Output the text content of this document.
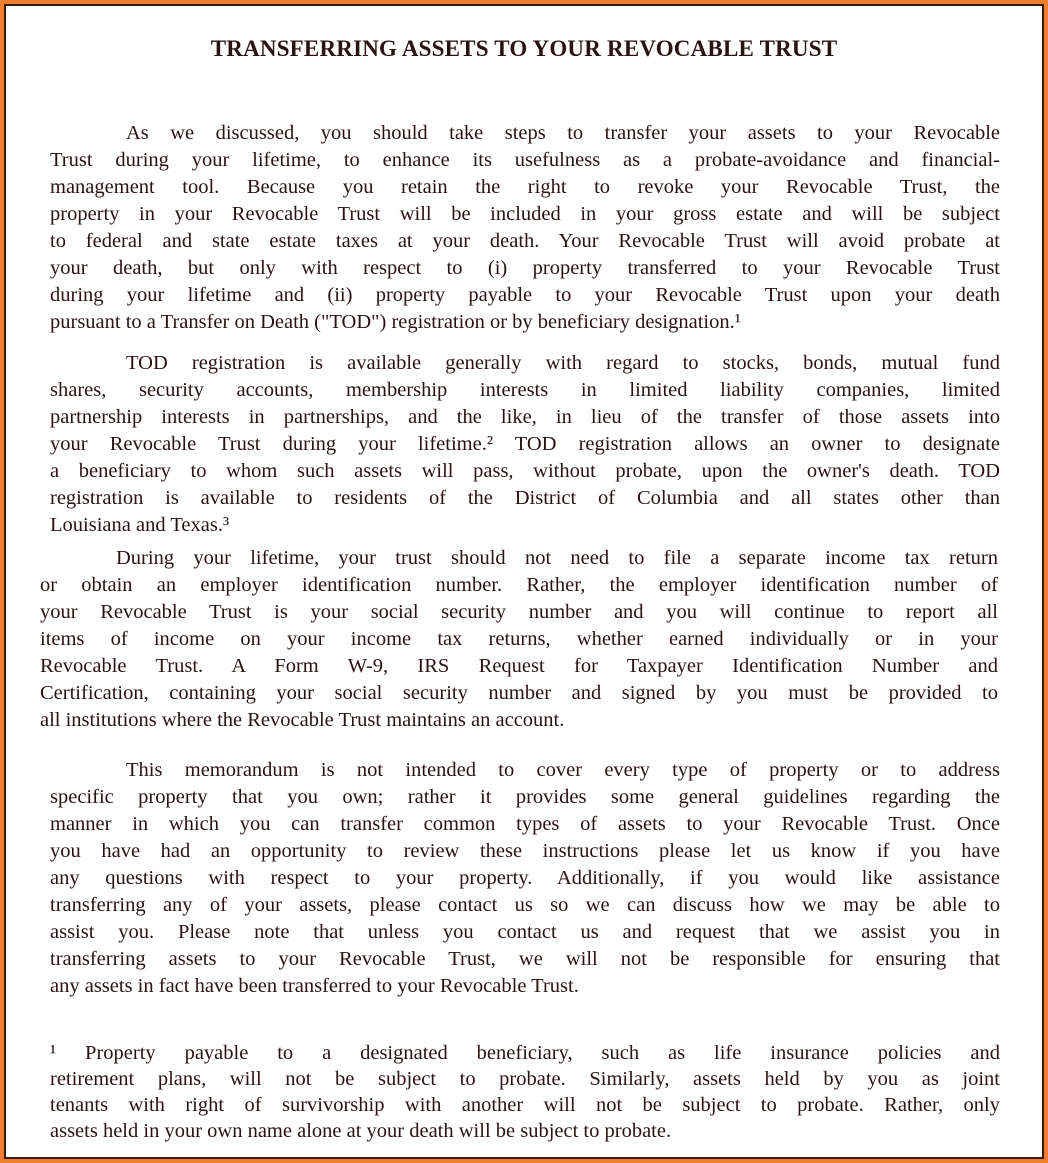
TRANSFERRING ASSETS TO YOUR REVOCABLE TRUST
As we discussed, you should take steps to transfer your assets to your Revocable
Trust during your lifetime, to enhance its usefulness as a probate-avoidance and financial-
management tool. Because you retain the right to revoke your Revocable Trust, the
property in your Revocable Trust will be included in your gross estate and will be subject
to federal and state estate taxes at your death. Your Revocable Trust will avoid probate at
your death, but only with respect to (i) property transferred to your Revocable Trust
during your lifetime and (ii) property payable to your Revocable Trust upon your death
pursuant to a Transfer on Death ("TOD") registration or by beneficiary designation.¹
TOD registration is available generally with regard to stocks, bonds, mutual fund
shares, security accounts, membership interests in limited liability companies, limited
partnership interests in partnerships, and the like, in lieu of the transfer of those assets into
your Revocable Trust during your lifetime.² TOD registration allows an owner to designate
a beneficiary to whom such assets will pass, without probate, upon the owner's death. TOD
registration is available to residents of the District of Columbia and all states other than
Louisiana and Texas.³
During your lifetime, your trust should not need to file a separate income tax return
or obtain an employer identification number. Rather, the employer identification number of
your Revocable Trust is your social security number and you will continue to report all
items of income on your income tax returns, whether earned individually or in your
Revocable Trust. A Form W-9, IRS Request for Taxpayer Identification Number and
Certification, containing your social security number and signed by you must be provided to
all institutions where the Revocable Trust maintains an account.
This memorandum is not intended to cover every type of property or to address
specific property that you own; rather it provides some general guidelines regarding the
manner in which you can transfer common types of assets to your Revocable Trust. Once
you have had an opportunity to review these instructions please let us know if you have
any questions with respect to your property. Additionally, if you would like assistance
transferring any of your assets, please contact us so we can discuss how we may be able to
assist you. Please note that unless you contact us and request that we assist you in
transferring assets to your Revocable Trust, we will not be responsible for ensuring that
any assets in fact have been transferred to your Revocable Trust.
¹ Property payable to a designated beneficiary, such as life insurance policies and
retirement plans, will not be subject to probate. Similarly, assets held by you as joint
tenants with right of survivorship with another will not be subject to probate. Rather, only
assets held in your own name alone at your death will be subject to probate.
